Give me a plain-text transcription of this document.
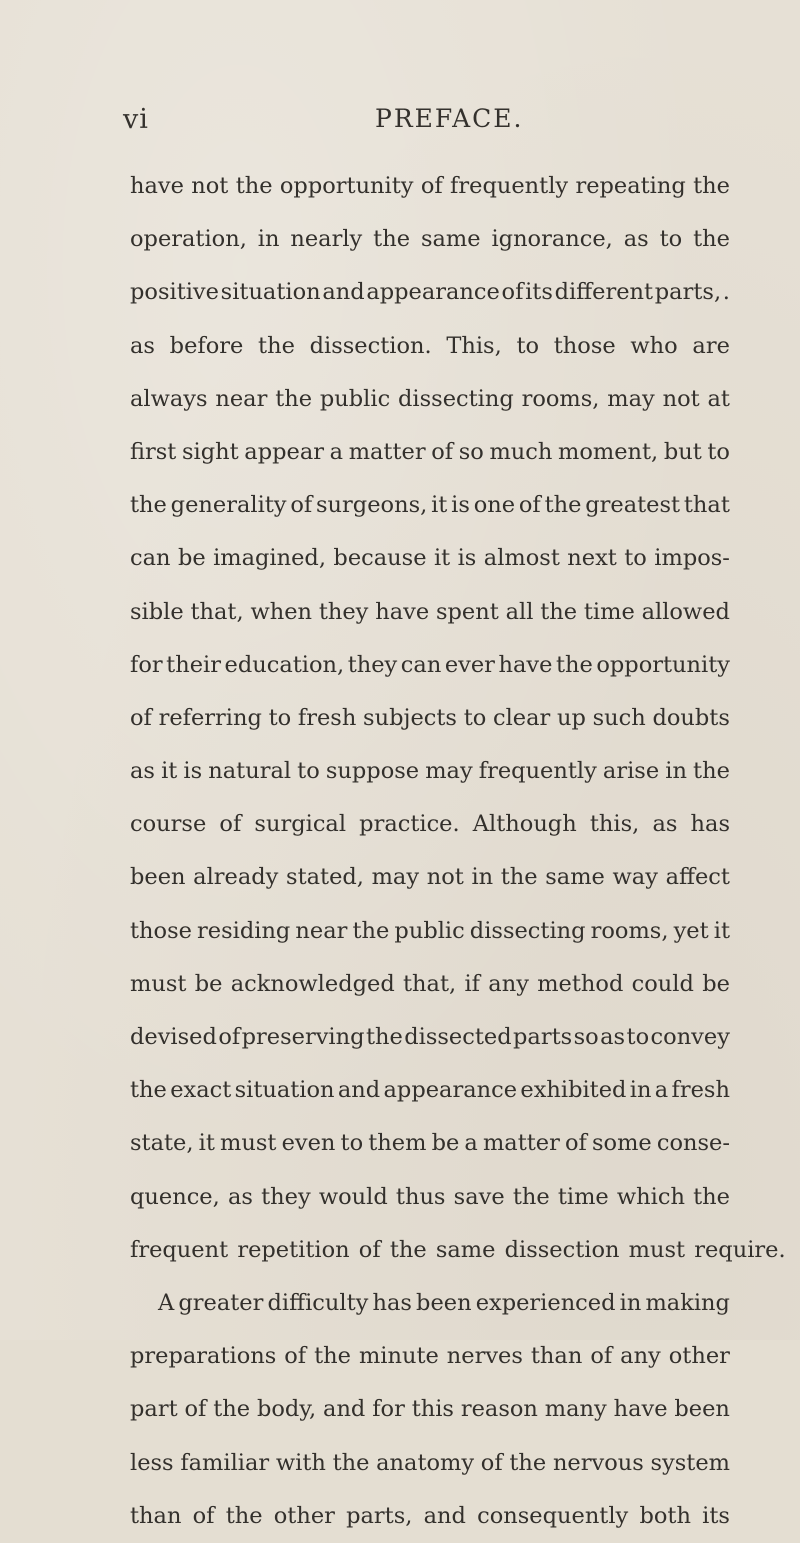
vi	PREFACE.
have not the opportunity of frequently repeating the
operation, in nearly the same ignorance, as to the
positive situation and appearance of its different parts, .
as before the dissection. This, to those who are
always near the public dissecting rooms, may not at
first sight appear a matter of so much moment, but to
the generality of surgeons, it is one of the greatest that
can be imagined, because it is almost next to impos-
sible that, when they have spent all the time allowed
for their education, they can ever have the opportunity
of referring to fresh subjects to clear up such doubts
as it is natural to suppose may frequently arise in the
course of surgical practice. Although this, as has
been already stated, may not in the same way affect
those residing near the public dissecting rooms, yet it
must be acknowledged that, if any method could be
devised of preserving the dissected parts so as to convey
the exact situation and appearance exhibited in a fresh
state, it must even to them be a matter of some conse-
quence, as they would thus save the time which the
frequent
repetition
of
the
same
dissection
must
require.
A greater difficulty has been experienced in making
preparations of the minute nerves than of any other
part of the body, and for this reason many have been
less familiar with the anatomy of the nervous system
than of the other parts, and consequently both its
